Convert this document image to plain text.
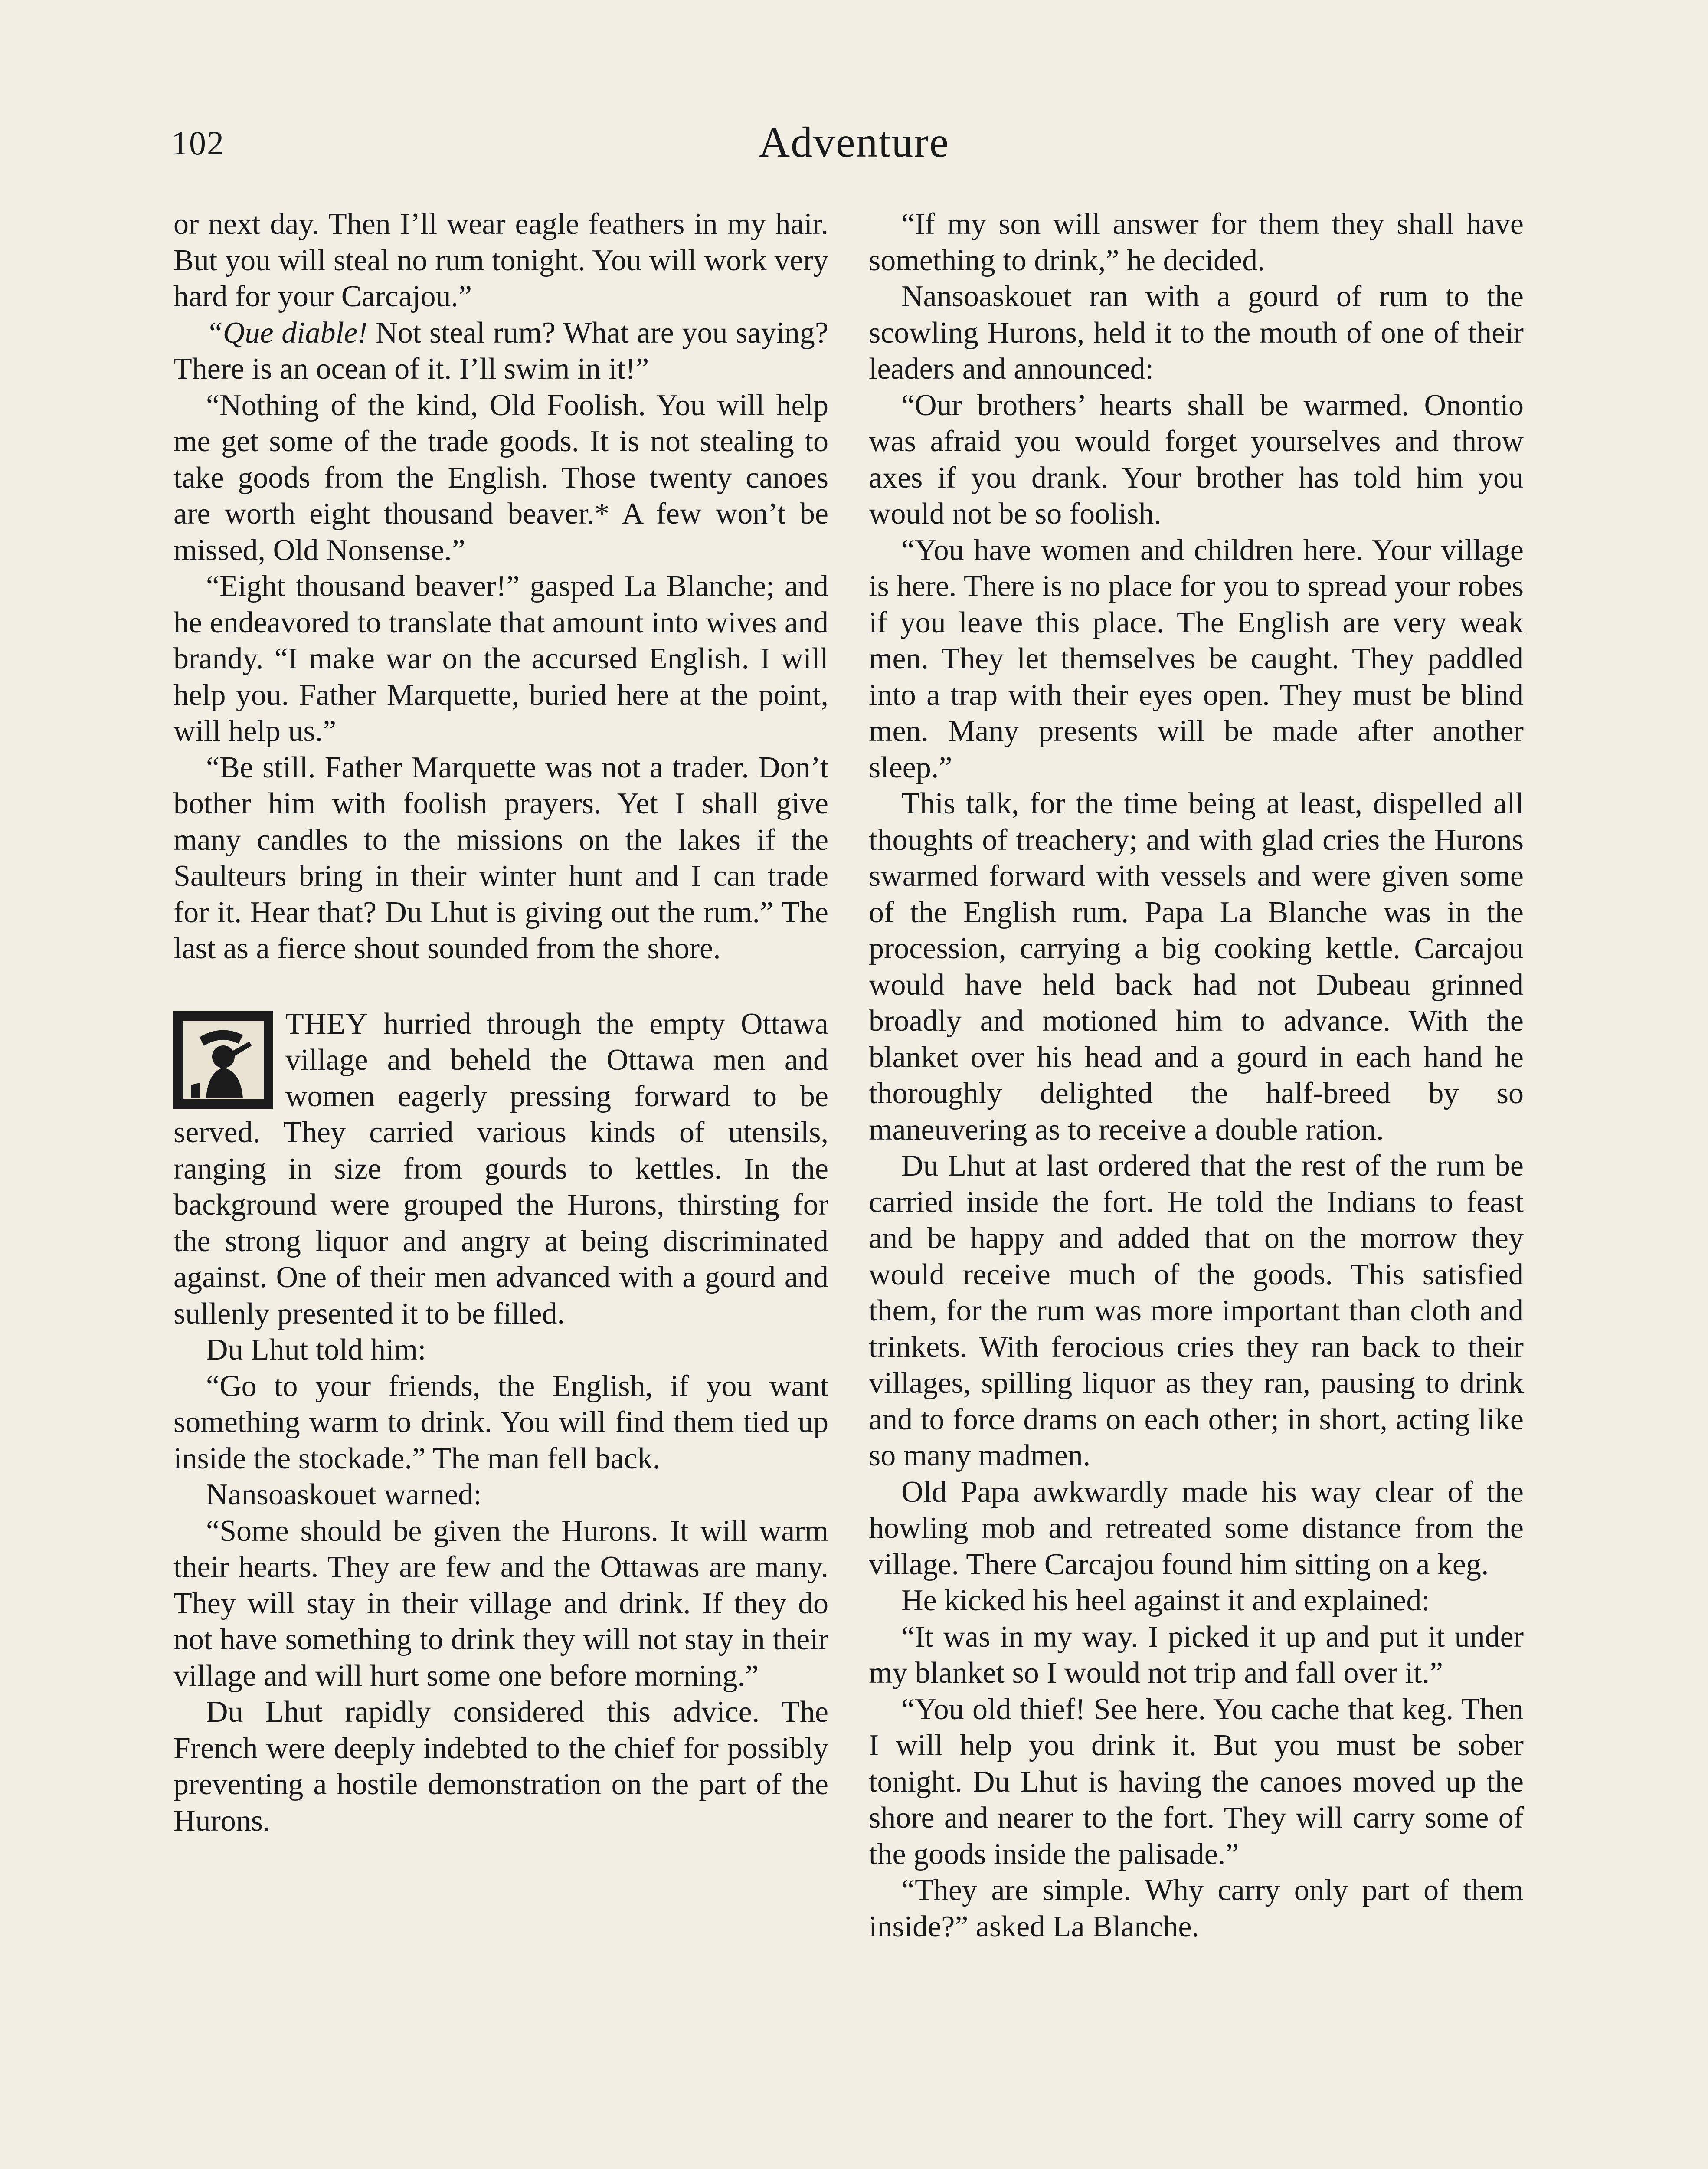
102	Adventure

or next day. Then I’ll wear eagle feathers in my hair. But you will steal no rum tonight. You will work very hard for your Carcajou.”

“Que diable! Not steal rum? What are you saying? There is an ocean of it. I’ll swim in it!”

“Nothing of the kind, Old Foolish. You will help me get some of the trade goods. It is not stealing to take goods from the English. Those twenty canoes are worth eight thousand beaver.* A few won’t be missed, Old Nonsense.”

“Eight thousand beaver!” gasped La Blanche; and he endeavored to translate that amount into wives and brandy. “I make war on the accursed English. I will help you. Father Marquette, buried here at the point, will help us.”

“Be still. Father Marquette was not a trader. Don’t bother him with foolish prayers. Yet I shall give many candles to the missions on the lakes if the Saulteurs bring in their winter hunt and I can trade for it. Hear that? Du Lhut is giving out the rum.” The last as a fierce shout sounded from the shore.

THEY hurried through the empty Ottawa village and beheld the Ottawa men and women eagerly pressing forward to be served. They carried various kinds of utensils, ranging in size from gourds to kettles. In the background were grouped the Hurons, thirsting for the strong liquor and angry at being discriminated against. One of their men advanced with a gourd and sullenly presented it to be filled.

Du Lhut told him:

“Go to your friends, the English, if you want something warm to drink. You will find them tied up inside the stockade.” The man fell back.

Nansoaskouet warned:

“Some should be given the Hurons. It will warm their hearts. They are few and the Ottawas are many. They will stay in their village and drink. If they do not have something to drink they will not stay in their village and will hurt some one before morning.”

Du Lhut rapidly considered this advice. The French were deeply indebted to the chief for possibly preventing a hostile demonstration on the part of the Hurons.

“If my son will answer for them they shall have something to drink,” he decided.

Nansoaskouet ran with a gourd of rum to the scowling Hurons, held it to the mouth of one of their leaders and announced:

“Our brothers’ hearts shall be warmed. Onontio was afraid you would forget yourselves and throw axes if you drank. Your brother has told him you would not be so foolish.

“You have women and children here. Your village is here. There is no place for you to spread your robes if you leave this place. The English are very weak men. They let themselves be caught. They paddled into a trap with their eyes open. They must be blind men. Many presents will be made after another sleep.”

This talk, for the time being at least, dispelled all thoughts of treachery; and with glad cries the Hurons swarmed forward with vessels and were given some of the English rum. Papa La Blanche was in the procession, carrying a big cooking kettle. Carcajou would have held back had not Dubeau grinned broadly and motioned him to advance. With the blanket over his head and a gourd in each hand he thoroughly delighted the half-breed by so maneuvering as to receive a double ration.

Du Lhut at last ordered that the rest of the rum be carried inside the fort. He told the Indians to feast and be happy and added that on the morrow they would receive much of the goods. This satisfied them, for the rum was more important than cloth and trinkets. With ferocious cries they ran back to their villages, spilling liquor as they ran, pausing to drink and to force drams on each other; in short, acting like so many madmen.

Old Papa awkwardly made his way clear of the howling mob and retreated some distance from the village. There Carcajou found him sitting on a keg.

He kicked his heel against it and explained:

“It was in my way. I picked it up and put it under my blanket so I would not trip and fall over it.”

“You old thief! See here. You cache that keg. Then I will help you drink it. But you must be sober tonight. Du Lhut is having the canoes moved up the shore and nearer to the fort. They will carry some of the goods inside the palisade.”

“They are simple. Why carry only part of them inside?” asked La Blanche.
